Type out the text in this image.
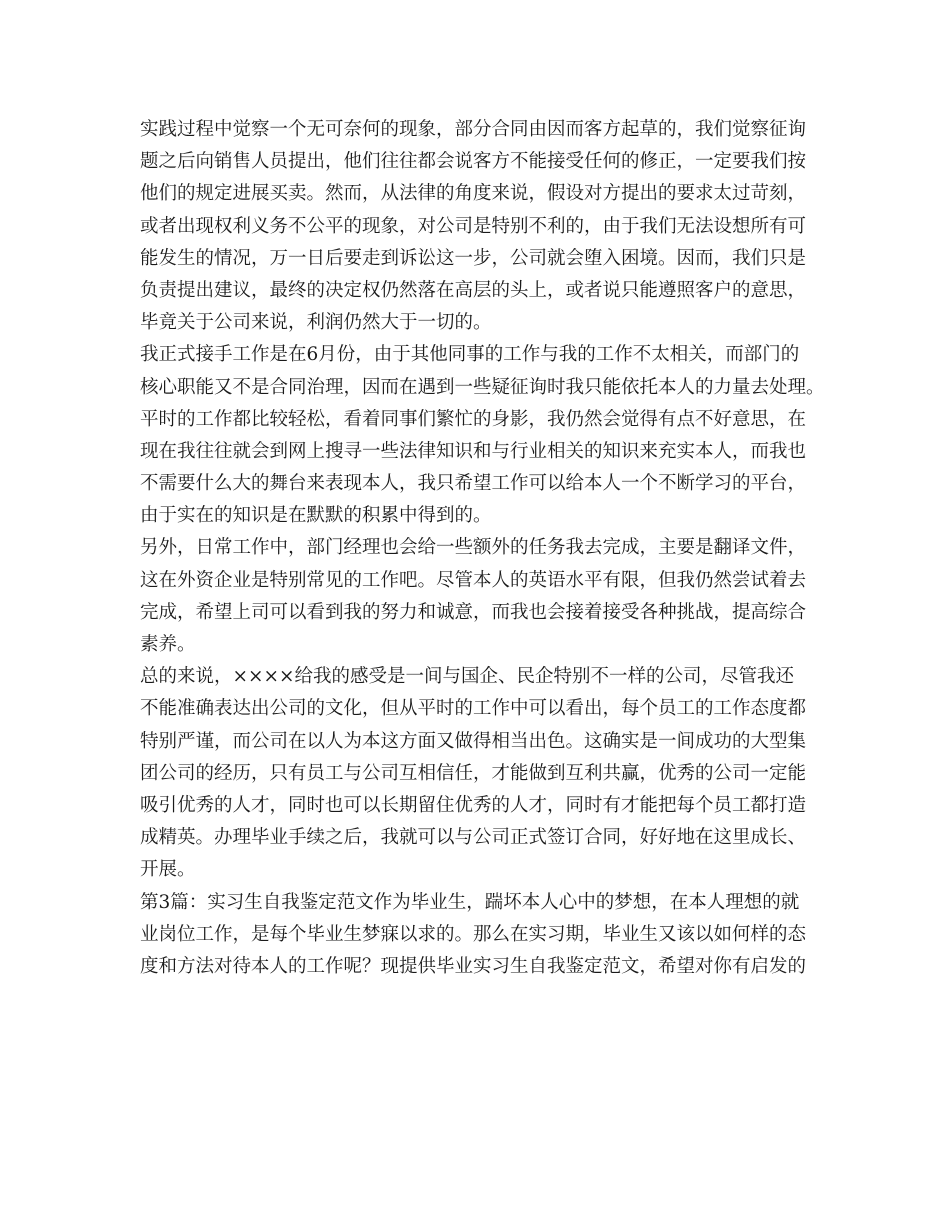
实践过程中觉察一个无可奈何的现象，部分合同由因而客方起草的，我们觉察征询
题之后向销售人员提出，他们往往都会说客方不能接受任何的修正，一定要我们按
他们的规定进展买卖。然而，从法律的角度来说，假设对方提出的要求太过苛刻，
或者出现权利义务不公平的现象，对公司是特别不利的，由于我们无法设想所有可
能发生的情况，万一日后要走到诉讼这一步，公司就会堕入困境。因而，我们只是
负责提出建议，最终的决定权仍然落在高层的头上，或者说只能遵照客户的意思，
毕竟关于公司来说，利润仍然大于一切的。
我正式接手工作是在6月份，由于其他同事的工作与我的工作不太相关，而部门的
核心职能又不是合同治理，因而在遇到一些疑征询时我只能依托本人的力量去处理。
平时的工作都比较轻松，看着同事们繁忙的身影，我仍然会觉得有点不好意思，在
现在我往往就会到网上搜寻一些法律知识和与行业相关的知识来充实本人，而我也
不需要什么大的舞台来表现本人，我只希望工作可以给本人一个不断学习的平台，
由于实在的知识是在默默的积累中得到的。
另外，日常工作中，部门经理也会给一些额外的任务我去完成，主要是翻译文件，
这在外资企业是特别常见的工作吧。尽管本人的英语水平有限，但我仍然尝试着去
完成，希望上司可以看到我的努力和诚意，而我也会接着接受各种挑战，提高综合
素养。
总的来说，××××给我的感受是一间与国企、民企特别不一样的公司，尽管我还
不能准确表达出公司的文化，但从平时的工作中可以看出，每个员工的工作态度都
特别严谨，而公司在以人为本这方面又做得相当出色。这确实是一间成功的大型集
团公司的经历，只有员工与公司互相信任，才能做到互利共赢，优秀的公司一定能
吸引优秀的人才，同时也可以长期留住优秀的人才，同时有才能把每个员工都打造
成精英。办理毕业手续之后，我就可以与公司正式签订合同，好好地在这里成长、
开展。
第3篇：实习生自我鉴定范文作为毕业生，踹坏本人心中的梦想，在本人理想的就
业岗位工作，是每个毕业生梦寐以求的。那么在实习期，毕业生又该以如何样的态
度和方法对待本人的工作呢？现提供毕业实习生自我鉴定范文，希望对你有启发的
